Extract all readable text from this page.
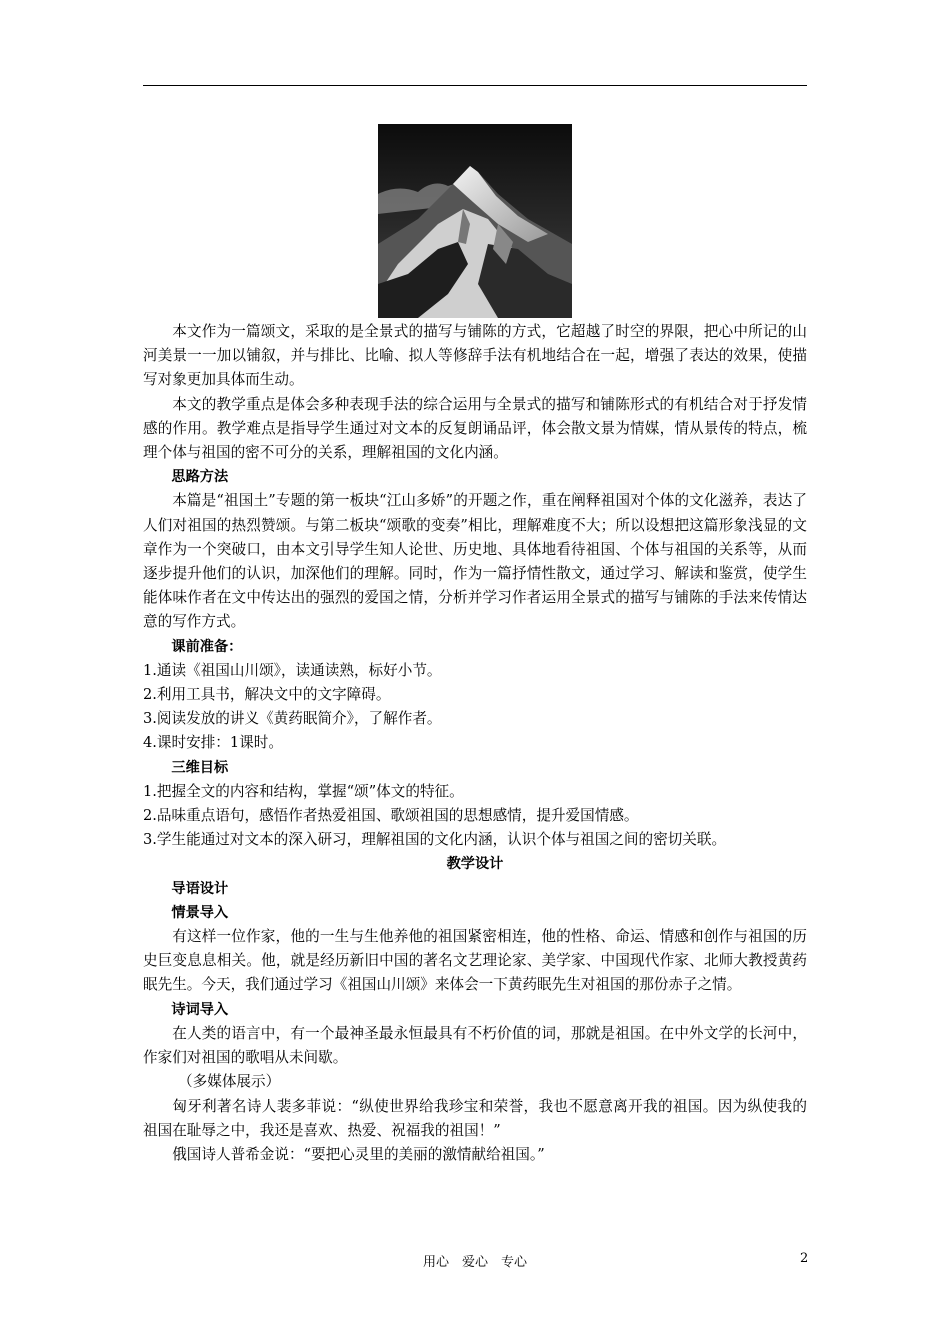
本文作为一篇颂文，采取的是全景式的描写与铺陈的方式，它超越了时空的界限，把心中所记的山河美景一一加以铺叙，并与排比、比喻、拟人等修辞手法有机地结合在一起，增强了表达的效果，使描写对象更加具体而生动。

本文的教学重点是体会多种表现手法的综合运用与全景式的描写和铺陈形式的有机结合对于抒发情感的作用。教学难点是指导学生通过对文本的反复朗诵品评，体会散文景为情媒，情从景传的特点，梳理个体与祖国的密不可分的关系，理解祖国的文化内涵。

思路方法

本篇是“祖国土”专题的第一板块“江山多娇”的开题之作，重在阐释祖国对个体的文化滋养，表达了人们对祖国的热烈赞颂。与第二板块“颂歌的变奏”相比，理解难度不大；所以设想把这篇形象浅显的文章作为一个突破口，由本文引导学生知人论世、历史地、具体地看待祖国、个体与祖国的关系等，从而逐步提升他们的认识，加深他们的理解。同时，作为一篇抒情性散文，通过学习、解读和鉴赏，使学生能体味作者在文中传达出的强烈的爱国之情，分析并学习作者运用全景式的描写与铺陈的手法来传情达意的写作方式。

课前准备：

1.通读《祖国山川颂》，读通读熟，标好小节。

2.利用工具书，解决文中的文字障碍。

3.阅读发放的讲义《黄药眠简介》，了解作者。

4.课时安排：1课时。

三维目标

1.把握全文的内容和结构，掌握“颂”体文的特征。

2.品味重点语句，感悟作者热爱祖国、歌颂祖国的思想感情，提升爱国情感。

3.学生能通过对文本的深入研习，理解祖国的文化内涵，认识个体与祖国之间的密切关联。

教学设计

导语设计

情景导入

有这样一位作家，他的一生与生他养他的祖国紧密相连，他的性格、命运、情感和创作与祖国的历史巨变息息相关。他，就是经历新旧中国的著名文艺理论家、美学家、中国现代作家、北师大教授黄药眠先生。今天，我们通过学习《祖国山川颂》来体会一下黄药眠先生对祖国的那份赤子之情。

诗词导入

在人类的语言中，有一个最神圣最永恒最具有不朽价值的词，那就是祖国。在中外文学的长河中，作家们对祖国的歌唱从未间歇。

（多媒体展示）

匈牙利著名诗人裴多菲说：“纵使世界给我珍宝和荣誉，我也不愿意离开我的祖国。因为纵使我的祖国在耻辱之中，我还是喜欢、热爱、祝福我的祖国！”

俄国诗人普希金说：“要把心灵里的美丽的激情献给祖国。”

用心　爱心　专心	2
